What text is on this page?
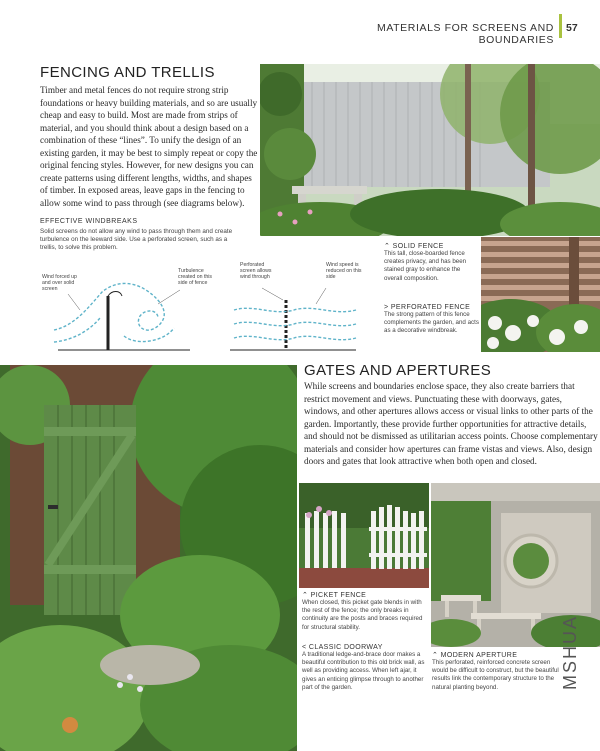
MATERIALS FOR SCREENS AND BOUNDARIES
57
FENCING AND TRELLIS
Timber and metal fences do not require strong strip foundations or heavy building materials, and so are usually cheap and easy to build. Most are made from strips of material, and you should think about a design based on a combination of these “lines”. To unify the design of an existing garden, it may be best to simply repeat or copy the original fencing styles. However, for new designs you can create patterns using different lengths, widths, and shapes of timber. In exposed areas, leave gaps in the fencing to allow some wind to pass through (see diagrams below).
EFFECTIVE WINDBREAKS
Solid screens do not allow any wind to pass through them and create turbulence on the leeward side. Use a perforated screen, such as a trellis, to solve this problem.
Wind forced up and over solid screen
Turbulence created on this side of fence
Perforated screen allows wind through
Wind speed is reduced on this side
⌃ SOLID FENCE
This tall, close-boarded fence creates privacy, and has been stained gray to enhance the overall composition.
> PERFORATED FENCE
The strong pattern of this fence complements the garden, and acts as a decorative windbreak.
GATES AND APERTURES
While screens and boundaries enclose space, they also create barriers that restrict movement and views. Punctuating these with doorways, gates, windows, and other apertures allows access or visual links to other parts of the garden. Importantly, these provide further opportunities for attractive details, and should not be dismissed as utilitarian access points. Choose complementary materials and consider how apertures can frame vistas and views. Also, design doors and gates that look attractive when both open and closed.
⌃ PICKET FENCE
When closed, this picket gate blends in with the rest of the fence; the only breaks in continuity are the posts and braces required for structural stability.
< CLASSIC DOORWAY
A traditional ledge-and-brace door makes a beautiful contribution to this old brick wall, as well as providing access. When left ajar, it gives an enticing glimpse through to another part of the garden.
⌃ MODERN APERTURE
This perforated, reinforced concrete screen would be difficult to construct, but the beautiful results link the contemporary structure to the natural planting beyond.	MSHUA
